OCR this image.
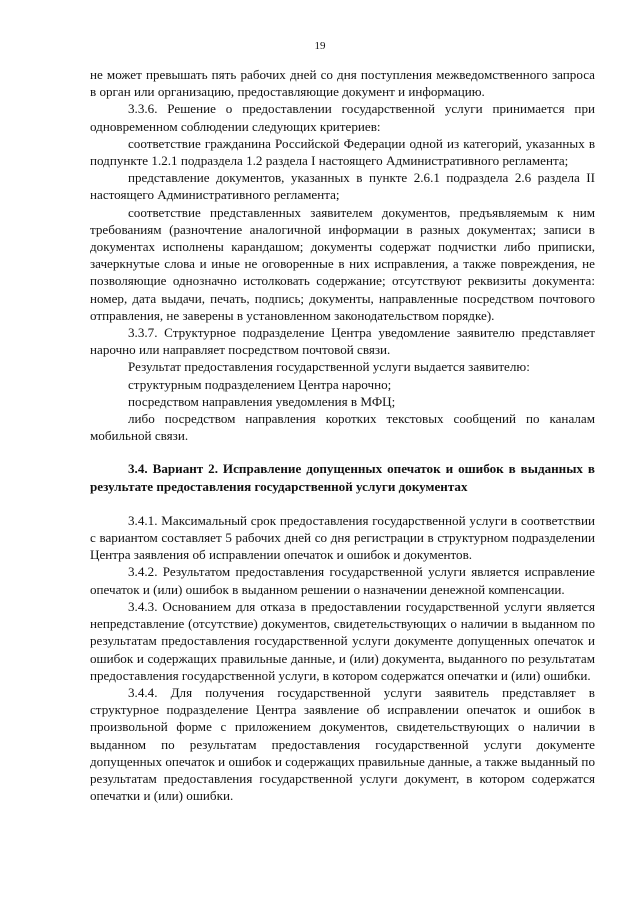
19

не может превышать пять рабочих дней со дня поступления межведомственного запроса в орган или организацию, предоставляющие документ и информацию.

3.3.6. Решение о предоставлении государственной услуги принимается при одновременном соблюдении следующих критериев:

соответствие гражданина Российской Федерации одной из категорий, указанных в подпункте 1.2.1 подраздела 1.2 раздела I настоящего Административного регламента;

представление документов, указанных в пункте 2.6.1 подраздела 2.6 раздела II настоящего Административного регламента;

соответствие представленных заявителем документов, предъявляемым к ним требованиям (разночтение аналогичной информации в разных документах; записи в документах исполнены карандашом; документы содержат подчистки либо приписки, зачеркнутые слова и иные не оговоренные в них исправления, а также повреждения, не позволяющие однозначно истолковать содержание; отсутствуют реквизиты документа: номер, дата выдачи, печать, подпись; документы, направленные посредством почтового отправления, не заверены в установленном законодательством порядке).

3.3.7. Структурное подразделение Центра уведомление заявителю представляет нарочно или направляет посредством почтовой связи.

Результат предоставления государственной услуги выдается заявителю:

структурным подразделением Центра нарочно;

посредством направления уведомления в МФЦ;

либо посредством направления коротких текстовых сообщений по каналам мобильной связи.

3.4. Вариант 2. Исправление допущенных опечаток и ошибок в выданных в результате предоставления государственной услуги документах

3.4.1. Максимальный срок предоставления государственной услуги в соответствии с вариантом составляет 5 рабочих дней со дня регистрации в структурном подразделении Центра заявления об исправлении опечаток и ошибок и документов.

3.4.2. Результатом предоставления государственной услуги является исправление опечаток и (или) ошибок в выданном решении о назначении денежной компенсации.

3.4.3. Основанием для отказа в предоставлении государственной услуги является непредставление (отсутствие) документов, свидетельствующих о наличии в выданном по результатам предоставления государственной услуги документе допущенных опечаток и ошибок и содержащих правильные данные, и (или) документа, выданного по результатам предоставления государственной услуги, в котором содержатся опечатки и (или) ошибки.

3.4.4. Для получения государственной услуги заявитель представляет в структурное подразделение Центра заявление об исправлении опечаток и ошибок в произвольной форме с приложением документов, свидетельствующих о наличии в выданном по результатам предоставления государственной услуги документе допущенных опечаток и ошибок и содержащих правильные данные, а также выданный по результатам предоставления государственной услуги документ, в котором содержатся опечатки и (или) ошибки.
